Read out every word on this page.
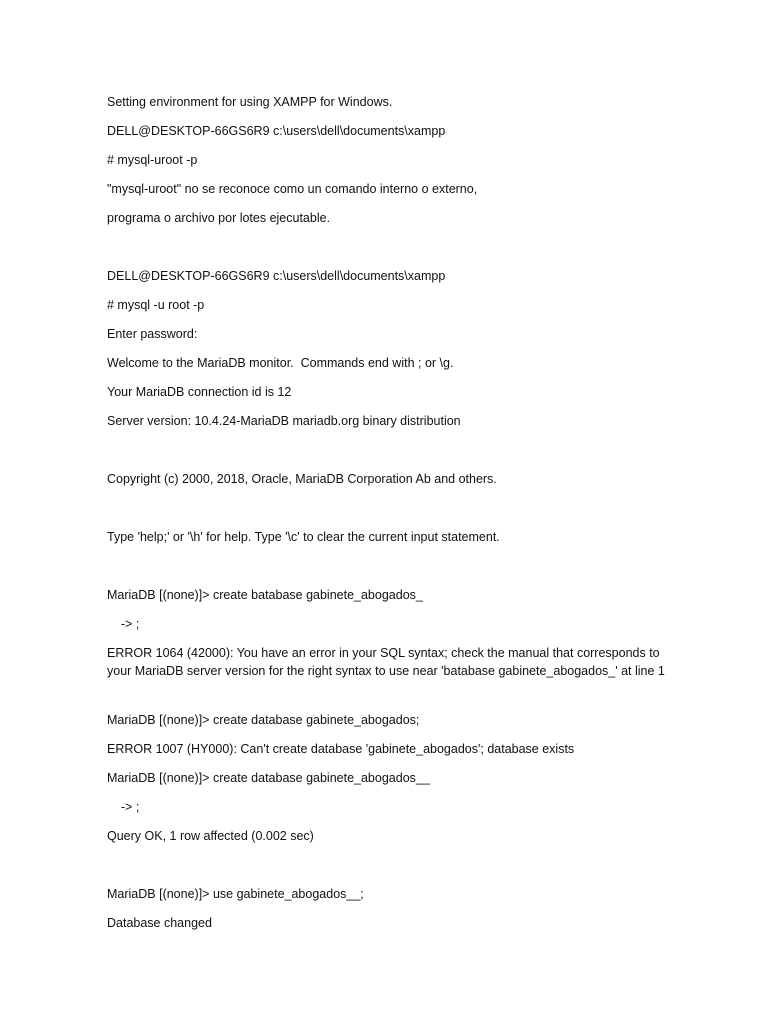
Setting environment for using XAMPP for Windows.
DELL@DESKTOP-66GS6R9 c:\users\dell\documents\xampp
# mysql-uroot -p
"mysql-uroot" no se reconoce como un comando interno o externo,
programa o archivo por lotes ejecutable.
DELL@DESKTOP-66GS6R9 c:\users\dell\documents\xampp
# mysql -u root -p
Enter password:
Welcome to the MariaDB monitor.  Commands end with ; or \g.
Your MariaDB connection id is 12
Server version: 10.4.24-MariaDB mariadb.org binary distribution
Copyright (c) 2000, 2018, Oracle, MariaDB Corporation Ab and others.
Type 'help;' or '\h' for help. Type '\c' to clear the current input statement.
MariaDB [(none)]> create batabase gabinete_abogados_
-> ;
ERROR 1064 (42000): You have an error in your SQL syntax; check the manual that corresponds to your MariaDB server version for the right syntax to use near 'batabase gabinete_abogados_' at line 1
MariaDB [(none)]> create database gabinete_abogados;
ERROR 1007 (HY000): Can't create database 'gabinete_abogados'; database exists
MariaDB [(none)]> create database gabinete_abogados__
-> ;
Query OK, 1 row affected (0.002 sec)
MariaDB [(none)]> use gabinete_abogados__;
Database changed
